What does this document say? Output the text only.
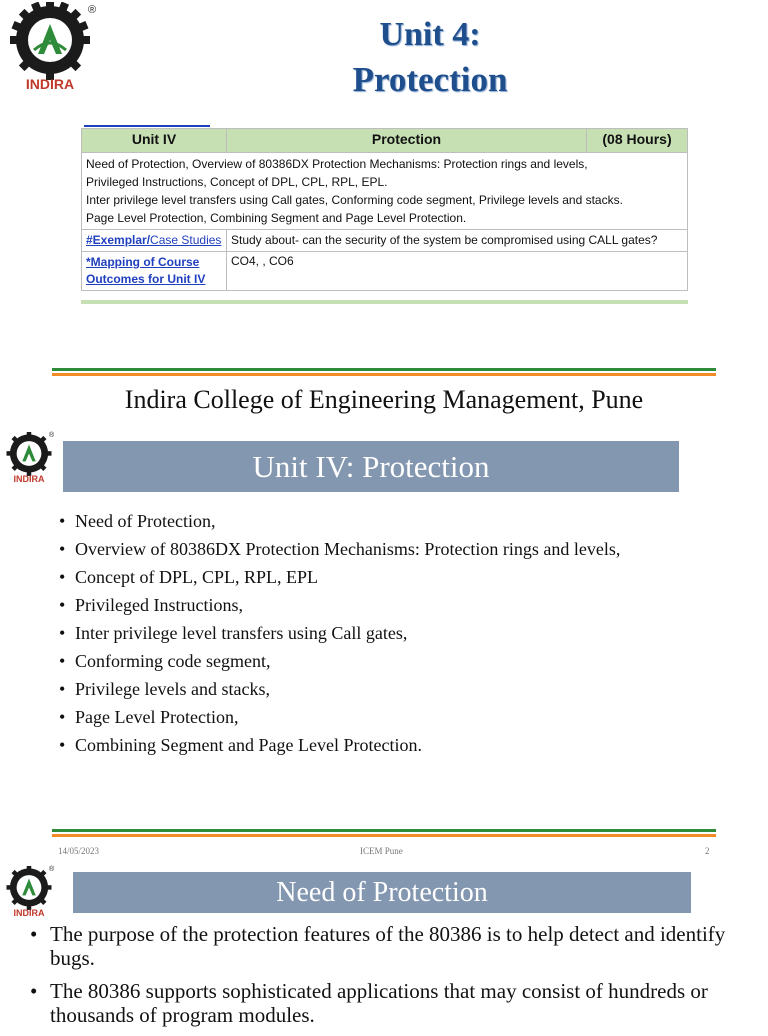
INDIRA
®
Unit 4:
Protection
Unit IV	Protection	(08 Hours)

Need of Protection, Overview of 80386DX Protection Mechanisms: Protection rings and levels,
Privileged Instructions, Concept of DPL, CPL, RPL, EPL.
Inter privilege level transfers using Call gates, Conforming code segment, Privilege levels and stacks.
Page Level Protection, Combining Segment and Page Level Protection.		

#Exemplar/Case Studies	Study about- can the security of the system be compromised using CALL gates?	
*Mapping of Course Outcomes for Unit IV	CO4, , CO6	
Indira College of Engineering Management, Pune
INDIRA
®
Unit IV: Protection
• Need of Protection,
• Overview of 80386DX Protection Mechanisms: Protection rings and levels,
• Concept of DPL, CPL, RPL, EPL
• Privileged Instructions,
• Inter privilege level transfers using Call gates,
• Conforming code segment,
• Privilege levels and stacks,
• Page Level Protection,
• Combining Segment and Page Level Protection.
14/05/2023	ICEM Pune	2
INDIRA
®
Need of Protection
• The purpose of the protection features of the 80386 is to help detect and identify bugs.
• The 80386 supports sophisticated applications that may consist of hundreds or thousands of program modules.
